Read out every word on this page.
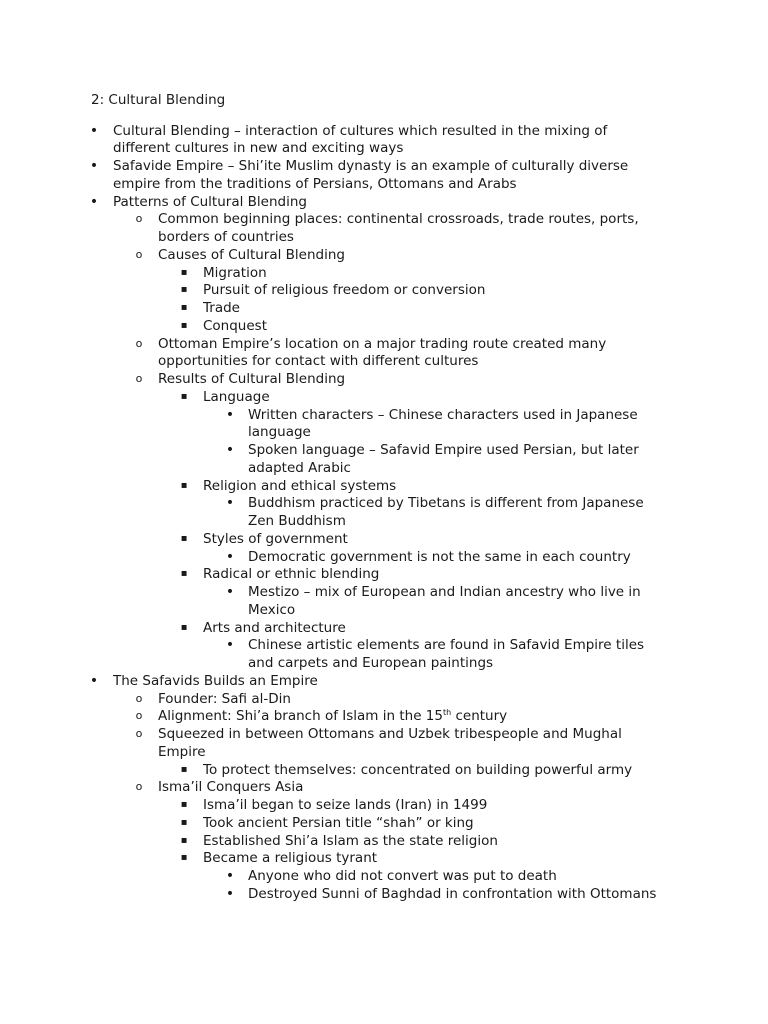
2: Cultural Blending
• Cultural Blending – interaction of cultures which resulted in the mixing of
different cultures in new and exciting ways
• Safavide Empire – Shi’ite Muslim dynasty is an example of culturally diverse
empire from the traditions of Persians, Ottomans and Arabs
• Patterns of Cultural Blending
o Common beginning places: continental crossroads, trade routes, ports,
borders of countries
o Causes of Cultural Blending
▪ Migration
▪ Pursuit of religious freedom or conversion
▪ Trade
▪ Conquest
o Ottoman Empire’s location on a major trading route created many
opportunities for contact with different cultures
o Results of Cultural Blending
▪ Language
• Written characters – Chinese characters used in Japanese
language
• Spoken language – Safavid Empire used Persian, but later
adapted Arabic
▪ Religion and ethical systems
• Buddhism practiced by Tibetans is different from Japanese
Zen Buddhism
▪ Styles of government
• Democratic government is not the same in each country
▪ Radical or ethnic blending
• Mestizo – mix of European and Indian ancestry who live in
Mexico
▪ Arts and architecture
• Chinese artistic elements are found in Safavid Empire tiles
and carpets and European paintings
• The Safavids Builds an Empire
o Founder: Safi al-Din
o Alignment: Shi’a branch of Islam in the 15th century
o Squeezed in between Ottomans and Uzbek tribespeople and Mughal
Empire
▪ To protect themselves: concentrated on building powerful army
o Isma’il Conquers Asia
▪ Isma’il began to seize lands (Iran) in 1499
▪ Took ancient Persian title “shah” or king
▪ Established Shi’a Islam as the state religion
▪ Became a religious tyrant
• Anyone who did not convert was put to death
• Destroyed Sunni of Baghdad in confrontation with Ottomans
